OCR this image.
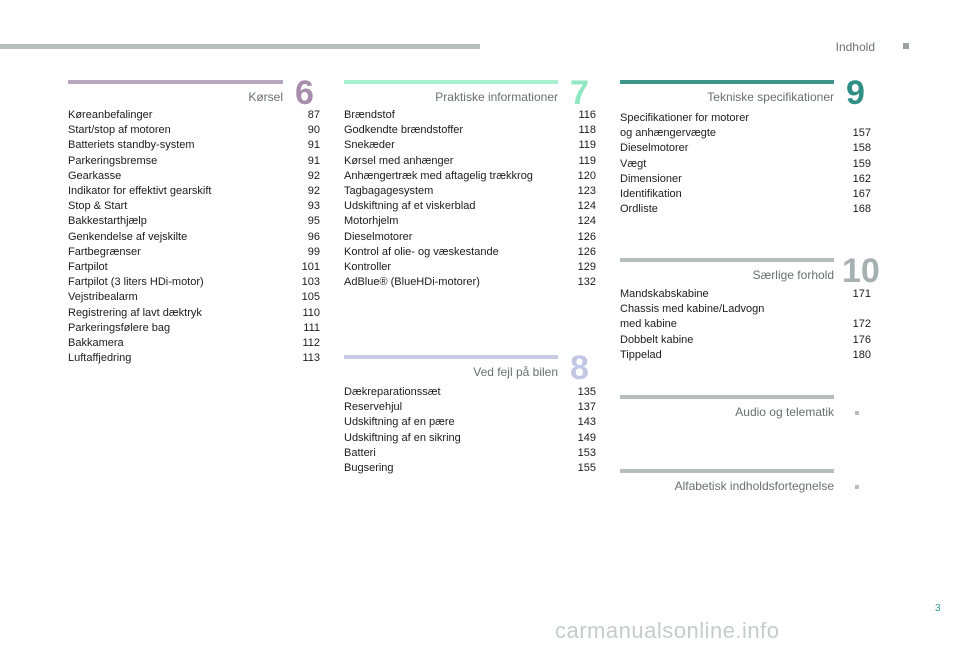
Indhold
Kørsel 6
Køreanbefalinger	87
Start/stop af motoren	90
Batteriets standby-system	91
Parkeringsbremse	91
Gearkasse	92
Indikator for effektivt gearskift	92
Stop & Start	93
Bakkestarthjælp	95
Genkendelse af vejskilte	96
Fartbegrænser	99
Fartpilot	101
Fartpilot (3 liters HDi-motor)	103
Vejstribealarm	105
Registrering af lavt dæktryk	110
Parkeringsfølere bag	111
Bakkamera	112
Luftaffjedring	113
Praktiske informationer 7
Brændstof	116
Godkendte brændstoffer	118
Snekæder	119
Kørsel med anhænger	119
Anhængertræk med aftagelig trækkrog	120
Tagbagagesystem	123
Udskiftning af et viskerblad	124
Motorhjelm	124
Dieselmotorer	126
Kontrol af olie- og væskestande	126
Kontroller	129
AdBlue® (BlueHDi-motorer)	132
Ved fejl på bilen 8
Dækreparationssæt	135
Reservehjul	137
Udskiftning af en pære	143
Udskiftning af en sikring	149
Batteri	153
Bugsering	155
Tekniske specifikationer 9
Specifikationer for motorer
og anhængervægte	157
Dieselmotorer	158
Vægt	159
Dimensioner	162
Identifikation	167
Ordliste	168
Særlige forhold 10
Mandskabskabine	171
Chassis med kabine/Ladvogn
med kabine	172
Dobbelt kabine	176
Tippelad	180
Audio og telematik
Alfabetisk indholdsfortegnelse
3
carmanualsonline.info
